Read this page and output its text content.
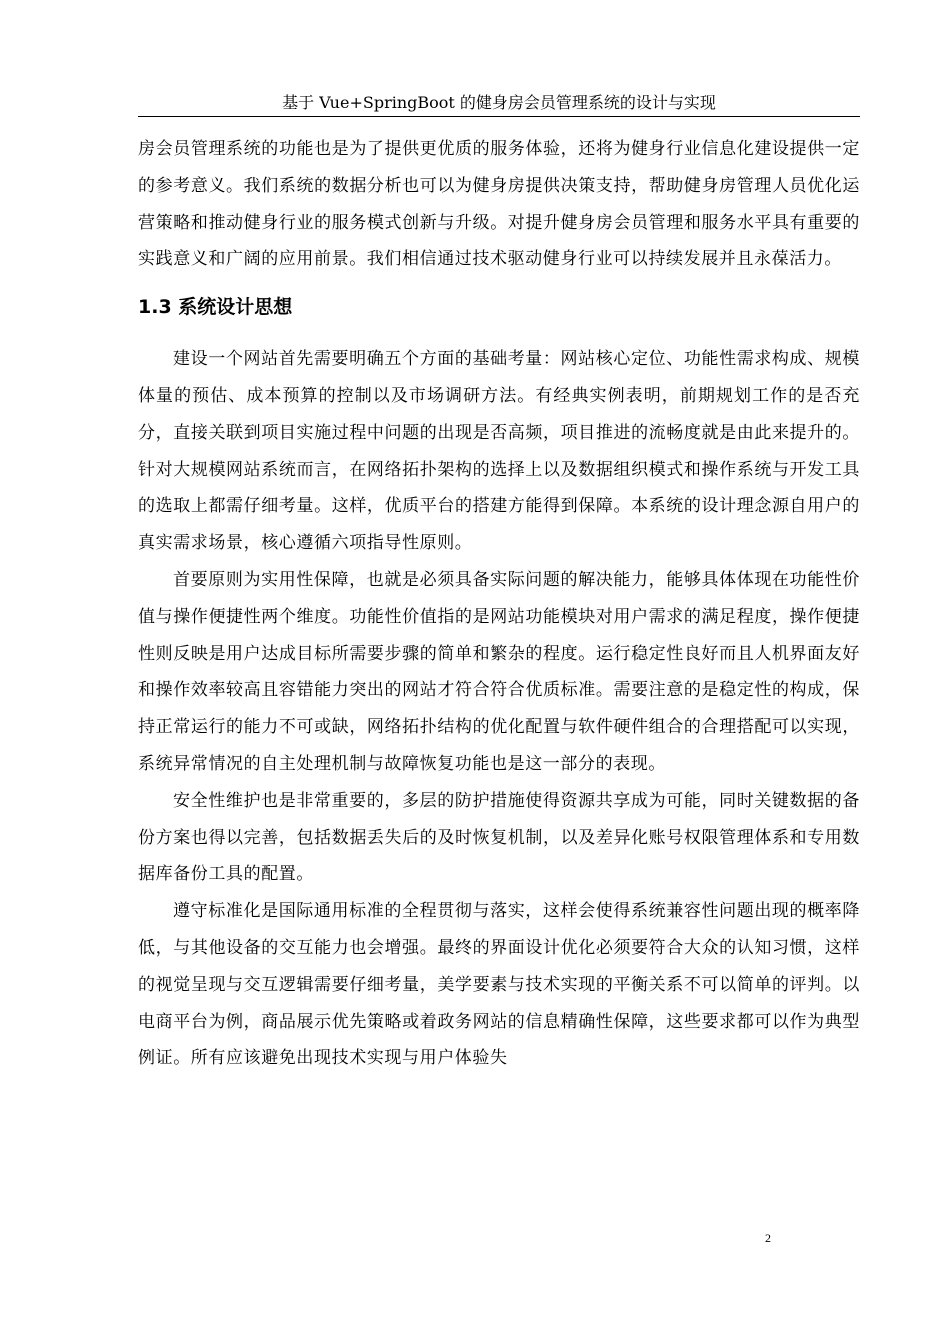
基于 Vue+SpringBoot 的健身房会员管理系统的设计与实现

房会员管理系统的功能也是为了提供更优质的服务体验，还将为健身行业信息化建设提供一定的参考意义。我们系统的数据分析也可以为健身房提供决策支持，帮助健身房管理人员优化运营策略和推动健身行业的服务模式创新与升级。对提升健身房会员管理和服务水平具有重要的实践意义和广阔的应用前景。我们相信通过技术驱动健身行业可以持续发展并且永葆活力。

1.3 系统设计思想

建设一个网站首先需要明确五个方面的基础考量：网站核心定位、功能性需求构成、规模体量的预估、成本预算的控制以及市场调研方法。有经典实例表明，前期规划工作的是否充分，直接关联到项目实施过程中问题的出现是否高频，项目推进的流畅度就是由此来提升的。针对大规模网站系统而言，在网络拓扑架构的选择上以及数据组织模式和操作系统与开发工具的选取上都需仔细考量。这样，优质平台的搭建方能得到保障。本系统的设计理念源自用户的真实需求场景，核心遵循六项指导性原则。

首要原则为实用性保障，也就是必须具备实际问题的解决能力，能够具体体现在功能性价值与操作便捷性两个维度。功能性价值指的是网站功能模块对用户需求的满足程度，操作便捷性则反映是用户达成目标所需要步骤的简单和繁杂的程度。运行稳定性良好而且人机界面友好和操作效率较高且容错能力突出的网站才符合符合优质标准。需要注意的是稳定性的构成，保持正常运行的能力不可或缺，网络拓扑结构的优化配置与软件硬件组合的合理搭配可以实现，系统异常情况的自主处理机制与故障恢复功能也是这一部分的表现。

安全性维护也是非常重要的，多层的防护措施使得资源共享成为可能，同时关键数据的备份方案也得以完善，包括数据丢失后的及时恢复机制，以及差异化账号权限管理体系和专用数据库备份工具的配置。

遵守标准化是国际通用标准的全程贯彻与落实，这样会使得系统兼容性问题出现的概率降低，与其他设备的交互能力也会增强。最终的界面设计优化必须要符合大众的认知习惯，这样的视觉呈现与交互逻辑需要仔细考量，美学要素与技术实现的平衡关系不可以简单的评判。以电商平台为例，商品展示优先策略或着政务网站的信息精确性保障，这些要求都可以作为典型例证。所有应该避免出现技术实现与用户体验失

2
